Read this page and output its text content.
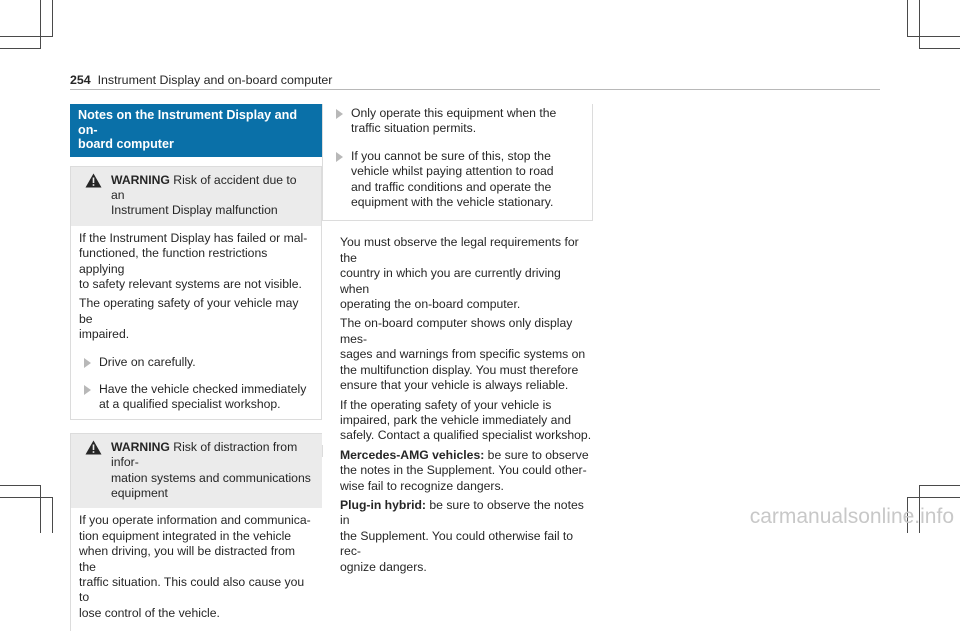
254 Instrument Display and on-board computer
Notes on the Instrument Display and on-
board computer
WARNING Risk of accident due to an
Instrument Display malfunction

If the Instrument Display has failed or mal-
functioned, the function restrictions applying
to safety relevant systems are not visible.

The operating safety of your vehicle may be
impaired.

Drive on carefully.
Have the vehicle checked immediately
at a qualified specialist workshop.
WARNING Risk of distraction from infor-
mation systems and communications
equipment

If you operate information and communica-
tion equipment integrated in the vehicle
when driving, you will be distracted from the
traffic situation. This could also cause you to
lose control of the vehicle.

Only operate this equipment when the
traffic situation permits.
If you cannot be sure of this, stop the
vehicle whilst paying attention to road
and traffic conditions and operate the
equipment with the vehicle stationary.

You must observe the legal requirements for the
country in which you are currently driving when
operating the on-board computer.

The on-board computer shows only display mes-
sages and warnings from specific systems on
the multifunction display. You must therefore
ensure that your vehicle is always reliable.

If the operating safety of your vehicle is
impaired, park the vehicle immediately and
safely. Contact a qualified specialist workshop.

Mercedes-AMG vehicles: be sure to observe
the notes in the Supplement. You could other-
wise fail to recognize dangers.

Plug-in hybrid: be sure to observe the notes in
the Supplement. You could otherwise fail to rec-
ognize dangers.

carmanualsonline.info
